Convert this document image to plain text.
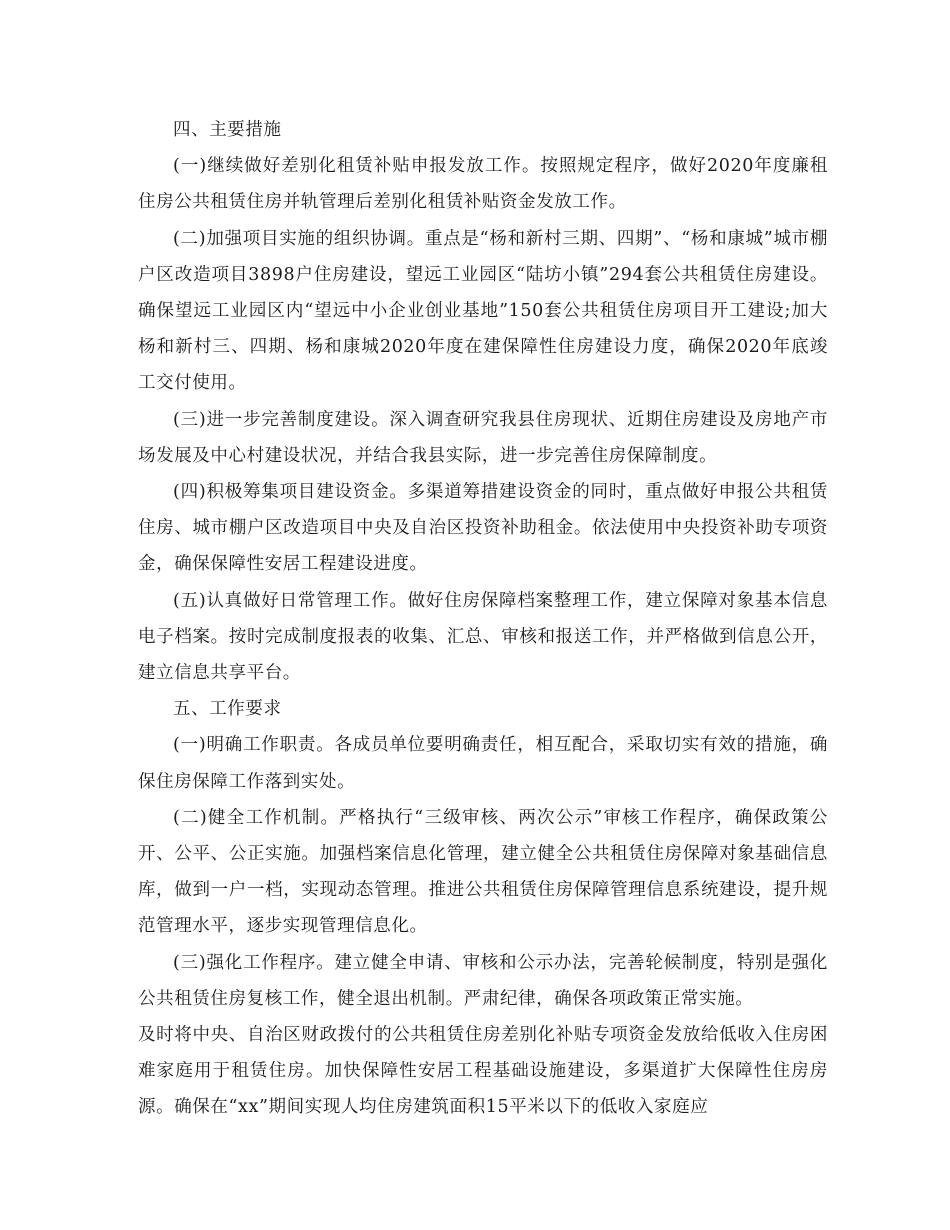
四、主要措施

(一)继续做好差别化租赁补贴申报发放工作。按照规定程序，做好2020年度廉租住房公共租赁住房并轨管理后差别化租赁补贴资金发放工作。

(二)加强项目实施的组织协调。重点是“杨和新村三期、四期”、“杨和康城”城市棚户区改造项目3898户住房建设，望远工业园区“陆坊小镇”294套公共租赁住房建设。确保望远工业园区内“望远中小企业创业基地”150套公共租赁住房项目开工建设;加大杨和新村三、四期、杨和康城2020年度在建保障性住房建设力度，确保2020年底竣工交付使用。

(三)进一步完善制度建设。深入调查研究我县住房现状、近期住房建设及房地产市场发展及中心村建设状况，并结合我县实际，进一步完善住房保障制度。

(四)积极筹集项目建设资金。多渠道筹措建设资金的同时，重点做好申报公共租赁住房、城市棚户区改造项目中央及自治区投资补助租金。依法使用中央投资补助专项资金，确保保障性安居工程建设进度。

(五)认真做好日常管理工作。做好住房保障档案整理工作，建立保障对象基本信息电子档案。按时完成制度报表的收集、汇总、审核和报送工作，并严格做到信息公开，建立信息共享平台。

五、工作要求

(一)明确工作职责。各成员单位要明确责任，相互配合，采取切实有效的措施，确保住房保障工作落到实处。

(二)健全工作机制。严格执行“三级审核、两次公示”审核工作程序，确保政策公开、公平、公正实施。加强档案信息化管理，建立健全公共租赁住房保障对象基础信息库，做到一户一档，实现动态管理。推进公共租赁住房保障管理信息系统建设，提升规范管理水平，逐步实现管理信息化。

(三)强化工作程序。建立健全申请、审核和公示办法，完善轮候制度，特别是强化公共租赁住房复核工作，健全退出机制。严肃纪律，确保各项政策正常实施。

及时将中央、自治区财政拨付的公共租赁住房差别化补贴专项资金发放给低收入住房困难家庭用于租赁住房。加快保障性安居工程基础设施建设，多渠道扩大保障性住房房源。确保在“xx”期间实现人均住房建筑面积15平米以下的低收入家庭应
